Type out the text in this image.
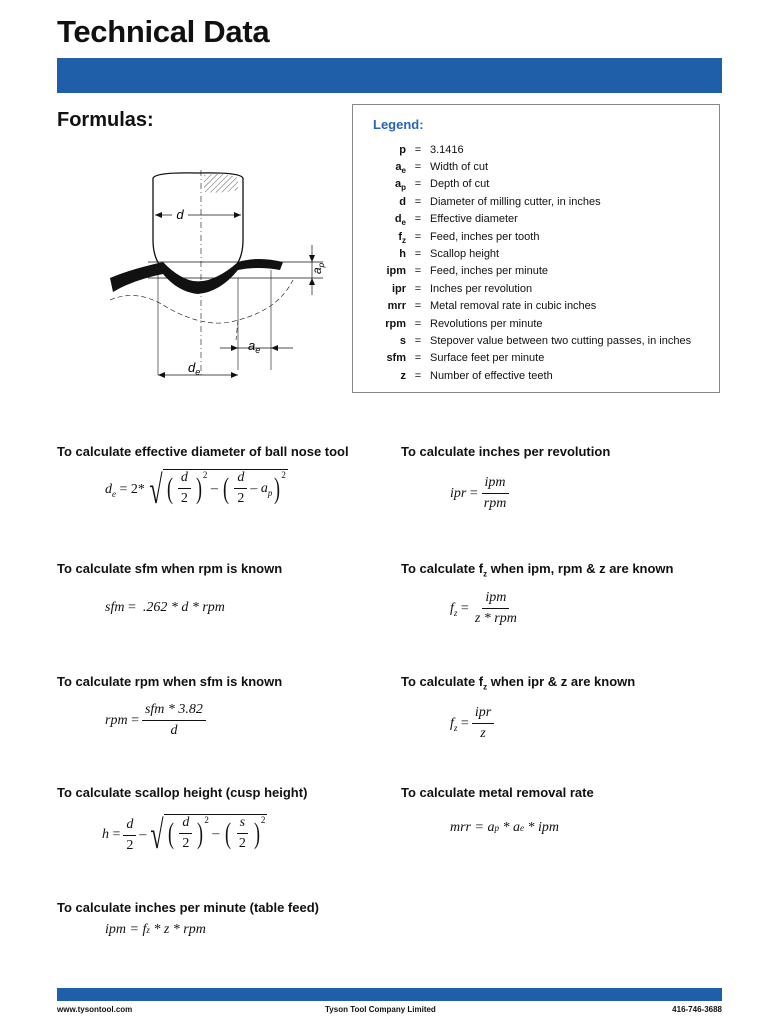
Technical Data
Formulas:
d
$a_p$
$a_e$
$d_e$
Legend:
p = 3.1416
$a_e$ = Width of cut
$a_p$ = Depth of cut
d = Diameter of milling cutter, in inches
$d_e$ = Effective diameter
$f_z$ = Feed, inches per tooth
h = Scallop height
ipm = Feed, inches per minute
ipr = Inches per revolution
mrr = Metal removal rate in cubic inches
rpm = Revolutions per minute
s = Stepover value between two cutting passes, in inches
sfm = Surface feet per minute
z = Number of effective teeth
To calculate effective diameter of ball nose tool
$d_e = 2*$ √ ( $\frac{d}{2}$ ) 2
– ( $\frac{d}{2} - a_p$ ) 2
To calculate inches per revolution
ipr = $\frac{\text{ipm}}{\text{rpm}}$
To calculate sfm when rpm is known
sfm = .262 * d * rpm
To calculate $f_z$ when ipm, rpm & z are known
$f_z = \frac{\text{ipm}}{\text{z * rpm}}$
To calculate rpm when sfm is known
rpm = $\frac{\text{sfm * 3.82}}{d}$
To calculate $f_z$ when ipr & z are known
$f_z = \frac{\text{ipr}}{z}$
To calculate scallop height (cusp height)
$h = \frac{d}{2}$ – √ ( $\frac{d}{2}$ ) 2
– ( $\frac{s}{2}$ ) 2
To calculate metal removal rate
mrr = a p * a e * ipm
To calculate inches per minute (table feed)
ipm = f z * z * rpm
www.tysontool.com	Tyson Tool Company Limited	416-746-3688
